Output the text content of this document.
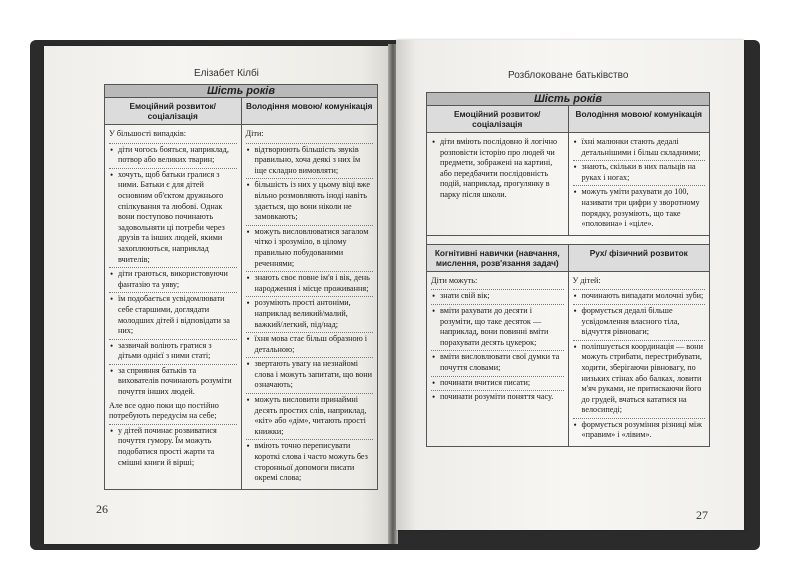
Елізабет Кілбі
Шість років
Емоційний розвиток/ соціалізація
Володіння мовою/ комунікація
У більшості випадків:
• діти чогось бояться, наприклад, потвор або великих тварин;
• хочуть, щоб батьки гралися з ними. Батьки є для дітей основним об'єктом дружнього спілкування та любові. Однак вони поступово починають задовольняти ці потреби через друзів та інших людей, якими захоплюються, наприклад вчителів;
• діти граються, використовуючи фантазію та уяву;
• їм подобається усвідомлювати себе старшими, доглядати молодших дітей і відповідати за них;
• зазвичай воліють гратися з дітьми однієї з ними статі;
• за сприяння батьків та вихователів починають розуміти почуття інших людей.
Але все одно поки що постійно потребують передусім на себе;
• у дітей починає розвиватися почуття гумору. Їм можуть подобатися прості жарти та смішні книги й вірші;
Діти:
• відтворюють більшість звуків правильно, хоча деякі з них їм іще складно вимовляти;
• більшість із них у цьому віці вже вільно розмовляють іноді навіть здається, що вони ніколи не замовкають;
• можуть висловлюватися загалом чітко і зрозуміло, в цілому правильно побудованими реченнями;
• знають своє повне ім'я і вік, день народження і місце проживання;
• розуміють прості антоніми, наприклад великий/малий, важкий/легкий, під/над;
• їхня мова стає більш образною і детальною;
• звертають увагу на незнайомі слова і можуть запитати, що вони означають;
• можуть висловити принаймні десять простих слів, наприклад, «кіт» або «дім», читають прості книжки;
• вміють точно переписувати короткі слова і часто можуть без сторонньої допомоги писати окремі слова;
26
Розблоковане батьківство
Шість років
Емоційний розвиток/ соціалізація
Володіння мовою/ комунікація
• діти вміють послідовно й логічно розповісти історію про людей чи предмети, зображені на картині, або передбачити послідовність подій, наприклад, прогулянку в парку після школи.
• їхні малюнки стають дедалі детальнішими і більш складними;
• знають, скільки в них пальців на руках і ногах;
• можуть уміти рахувати до 100, називати три цифри у зворотному порядку, розуміють, що таке «половина» і «ціле».
Когнітивні навички (навчання, мислення, розв'язання задач)
Рух/ фізичний розвиток
Діти можуть:
• знати свій вік;
• вміти рахувати до десяти і розуміти, що таке десяток — наприклад, вони повинні вміти порахувати десять цукерок;
• вміти висловлювати свої думки та почуття словами;
• починати вчитися писати;
• починати розуміти поняття часу.
У дітей:
• починають випадати молочні зуби;
• формується дедалі більше усвідомлення власного тіла, відчуття рівноваги;
• поліпшується координація — вони можуть стрибати, перестрибувати, ходити, зберігаючи рівновагу, по низьких стінах або балках, ловити м'яч руками, не притискаючи його до грудей, вчаться кататися на велосипеді;
• формується розуміння різниці між «правим» і «лівим».
27
